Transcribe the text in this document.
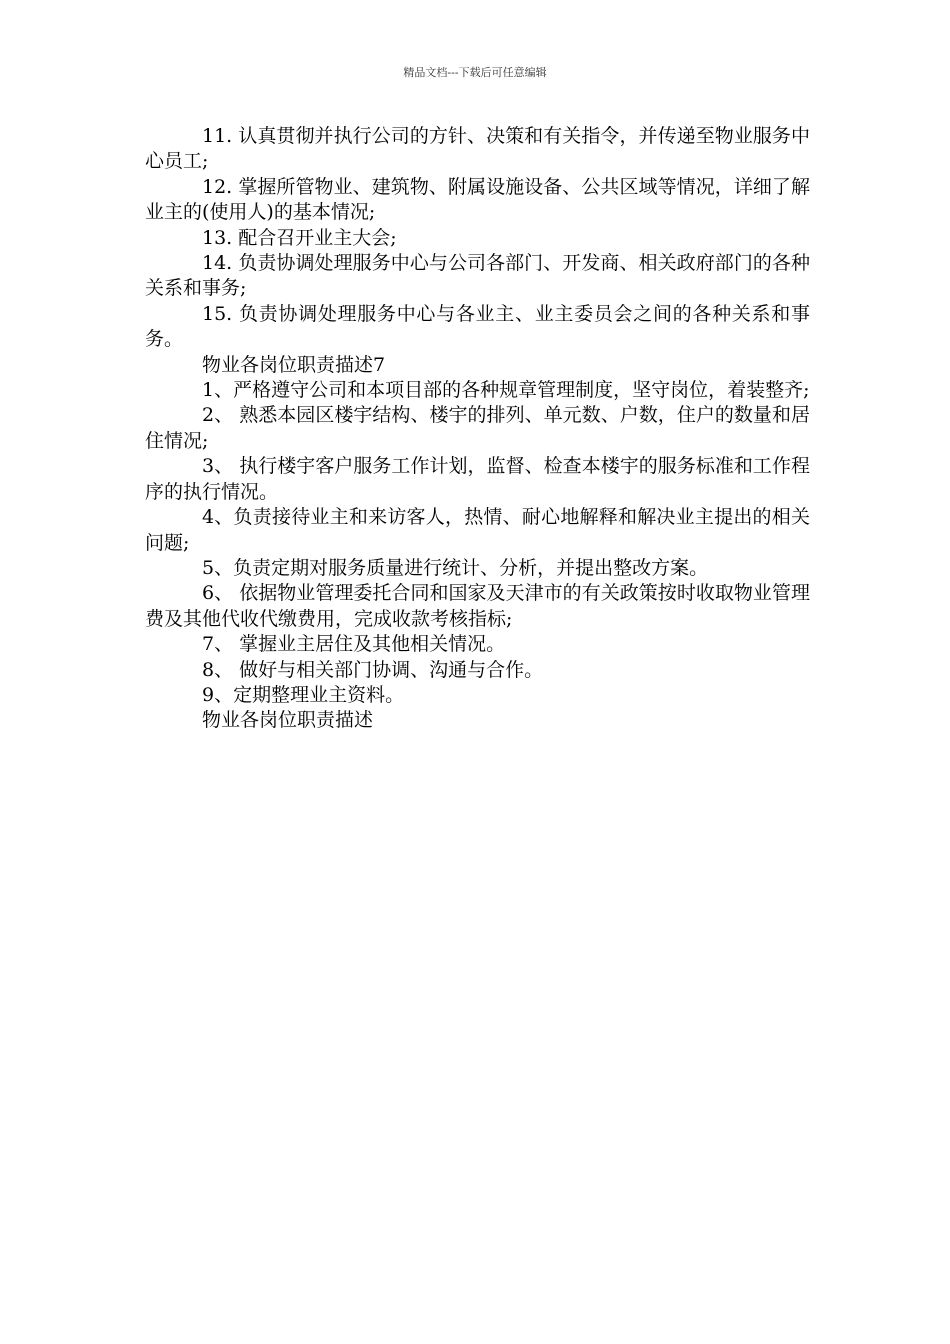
精品文档---下载后可任意编辑

11. 认真贯彻并执行公司的方针、决策和有关指令，并传递至物业服务中心员工;

12. 掌握所管物业、建筑物、附属设施设备、公共区域等情况，详细了解业主的(使用人)的基本情况;

13. 配合召开业主大会;

14. 负责协调处理服务中心与公司各部门、开发商、相关政府部门的各种关系和事务;

15. 负责协调处理服务中心与各业主、业主委员会之间的各种关系和事务。

物业各岗位职责描述7

1、严格遵守公司和本项目部的各种规章管理制度，坚守岗位，着装整齐;

2、 熟悉本园区楼宇结构、楼宇的排列、单元数、户数，住户的数量和居住情况;

3、 执行楼宇客户服务工作计划，监督、检查本楼宇的服务标准和工作程序的执行情况。

4、负责接待业主和来访客人，热情、耐心地解释和解决业主提出的相关问题;

5、负责定期对服务质量进行统计、分析，并提出整改方案。

6、 依据物业管理委托合同和国家及天津市的有关政策按时收取物业管理费及其他代收代缴费用，完成收款考核指标;

7、 掌握业主居住及其他相关情况。

8、 做好与相关部门协调、沟通与合作。

9、定期整理业主资料。

物业各岗位职责描述
